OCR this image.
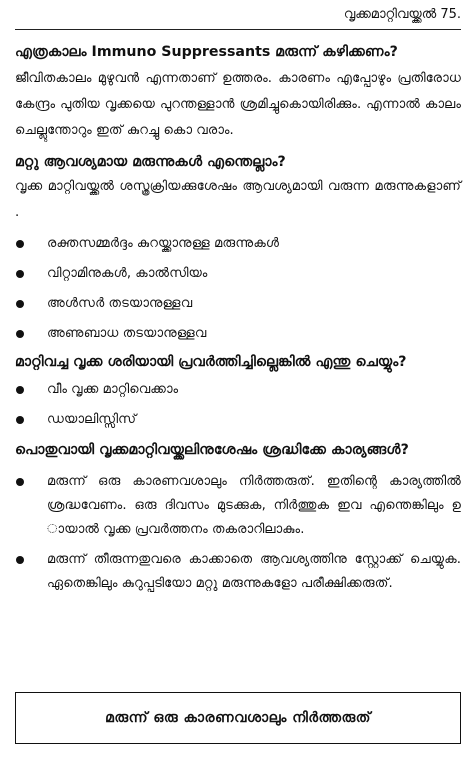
വൃക്കമാറ്റിവയ്ക്കൽ 75.
എത്രകാലം Immuno Suppressants മരുന്ന് കഴിക്കണം?

ജീവിതകാലം മുഴുവൻ എന്നതാണ് ഉത്തരം. കാരണം എപ്പോഴും പ്രതിരോധ കേന്ദ്രം പുതിയ വൃക്കയെ പുറന്തള്ളാൻ ശ്രമിച്ചുകൊയിരിക്കും. എന്നാൽ കാലം ചെല്ലുന്തോറും ഇത് കുറച്ചു കൊ വരാം.

മറ്റു ആവശ്യമായ മരുന്നുകൾ എന്തെല്ലാം?

വൃക്ക മാറ്റിവയ്ക്കൽ ശസ്ത്രക്രിയക്കുശേഷം ആവശ്യമായി വരുന്ന മരുന്നുകളാണ് .

രക്തസമ്മർദ്ദം കുറയ്ക്കാനുള്ള മരുന്നുകൾ
വിറ്റാമിനുകൾ, കാൽസിയം
അൾസർ തടയാനുള്ളവ
അണുബാധ തടയാനുള്ളവ
മാറ്റിവച്ച വൃക്ക ശരിയായി പ്രവർത്തിച്ചില്ലെങ്കിൽ എന്തു ചെയ്യും?
വീം വൃക്ക മാറ്റിവെക്കാം
ഡയാലിസ്സിസ്
പൊതുവായി വൃക്കമാറ്റിവയ്ക്കലിനുശേഷം ശ്രദ്ധിക്കേ കാര്യങ്ങൾ?
മരുന്ന് ഒരു കാരണവശാലും നിർത്തരുത്. ഇതിന്റെ കാര്യത്തിൽ ശ്രദ്ധവേണം. ഒരു ദിവസം മുടക്കുക, നിർത്തുക ഇവ എന്തെങ്കിലും ഉ ായാൽ വൃക്ക പ്രവർത്തനം തകരാറിലാകും.
മരുന്ന് തീരുന്നതുവരെ കാക്കാതെ ആവശ്യത്തിനു സ്റ്റോക്ക് ചെയ്യുക. ഏതെങ്കിലും കുറുപ്പടിയോ മറ്റു മരുന്നുകളോ പരീക്ഷിക്കരുത്.
മരുന്ന് ഒരു കാരണവശാലും നിർത്തരുത്
